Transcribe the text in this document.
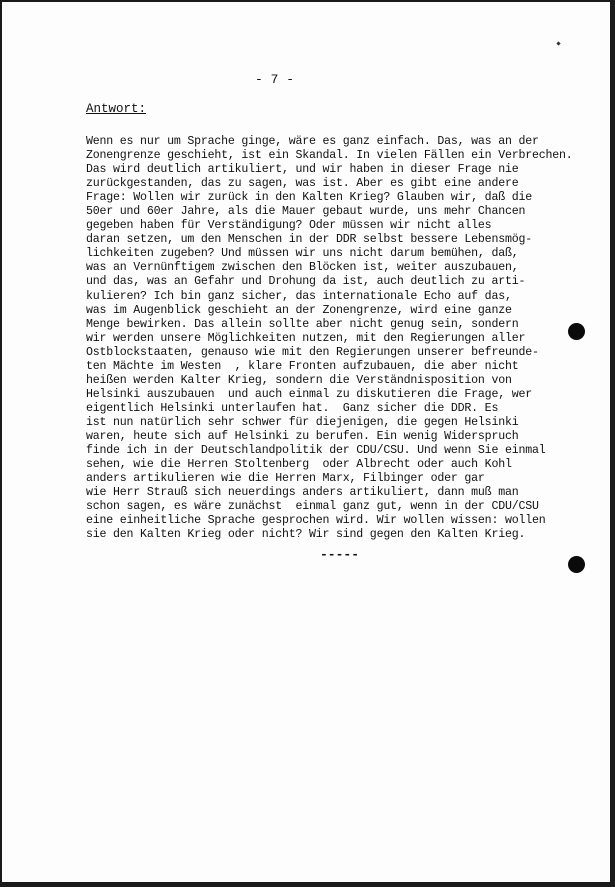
- 7 -
Antwort:
Wenn es nur um Sprache ginge, wäre es ganz einfach. Das, was an der
Zonengrenze geschieht, ist ein Skandal. In vielen Fällen ein Verbrechen.
Das wird deutlich artikuliert, und wir haben in dieser Frage nie
zurückgestanden, das zu sagen, was ist. Aber es gibt eine andere
Frage: Wollen wir zurück in den Kalten Krieg? Glauben wir, daß die
50er und 60er Jahre, als die Mauer gebaut wurde, uns mehr Chancen
gegeben haben für Verständigung? Oder müssen wir nicht alles
daran setzen, um den Menschen in der DDR selbst bessere Lebensmög-
lichkeiten zugeben? Und müssen wir uns nicht darum bemühen, daß,
was an Vernünftigem zwischen den Blöcken ist, weiter auszubauen,
und das, was an Gefahr und Drohung da ist, auch deutlich zu arti-
kulieren? Ich bin ganz sicher, das internationale Echo auf das,
was im Augenblick geschieht an der Zonengrenze, wird eine ganze
Menge bewirken. Das allein sollte aber nicht genug sein, sondern
wir werden unsere Möglichkeiten nutzen, mit den Regierungen aller
Ostblockstaaten, genauso wie mit den Regierungen unserer befreunde-
ten Mächte im Westen  , klare Fronten aufzubauen, die aber nicht
heißen werden Kalter Krieg, sondern die Verständnisposition von
Helsinki auszubauen  und auch einmal zu diskutieren die Frage, wer
eigentlich Helsinki unterlaufen hat.  Ganz sicher die DDR. Es
ist nun natürlich sehr schwer für diejenigen, die gegen Helsinki
waren, heute sich auf Helsinki zu berufen. Ein wenig Widerspruch
finde ich in der Deutschlandpolitik der CDU/CSU. Und wenn Sie einmal
sehen, wie die Herren Stoltenberg  oder Albrecht oder auch Kohl
anders artikulieren wie die Herren Marx, Filbinger oder gar
wie Herr Strauß sich neuerdings anders artikuliert, dann muß man
schon sagen, es wäre zunächst  einmal ganz gut, wenn in der CDU/CSU
eine einheitliche Sprache gesprochen wird. Wir wollen wissen: wollen
sie den Kalten Krieg oder nicht? Wir sind gegen den Kalten Krieg.
-----
